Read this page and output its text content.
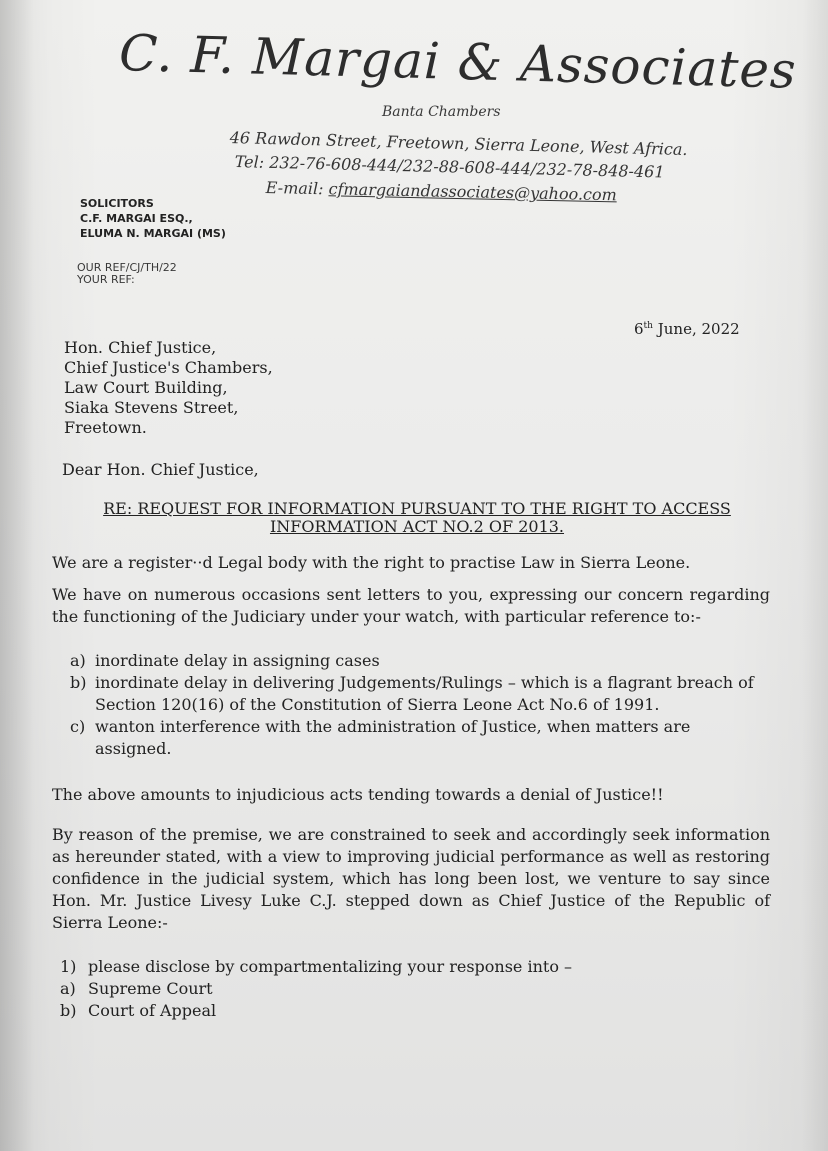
C. F. Margai & Associates
Banta Chambers
46 Rawdon Street, Freetown, Sierra Leone, West Africa.
Tel: 232-76-608-444/232-88-608-444/232-78-848-461
E-mail: cfmargaiandassociates@yahoo.com
SOLICITORS
C.F. MARGAI ESQ.,
ELUMA N. MARGAI (MS)
OUR REF/CJ/TH/22
YOUR REF:
6th June, 2022
Hon. Chief Justice,
Chief Justice's Chambers,
Law Court Building,
Siaka Stevens Street,
Freetown.
Dear Hon. Chief Justice,
RE: REQUEST FOR INFORMATION PURSUANT TO THE RIGHT TO ACCESS
INFORMATION ACT NO.2 OF 2013.

We are a register··d Legal body with the right to practise Law in Sierra Leone.

We have on numerous occasions sent letters to you, expressing our concern regarding the functioning of the Judiciary under your watch, with particular reference to:-

a) inordinate delay in assigning cases
b) inordinate delay in delivering Judgements/Rulings – which is a flagrant breach of Section 120(16) of the Constitution of Sierra Leone Act No.6 of 1991.
c) wanton interference with the administration of Justice, when matters are assigned.

The above amounts to injudicious acts tending towards a denial of Justice!!

By reason of the premise, we are constrained to seek and accordingly seek information as hereunder stated, with a view to improving judicial performance as well as restoring confidence in the judicial system, which has long been lost, we venture to say since Hon. Mr. Justice Livesy Luke C.J. stepped down as Chief Justice of the Republic of Sierra Leone:-

1) please disclose by compartmentalizing your response into –
a) Supreme Court
b) Court of Appeal
